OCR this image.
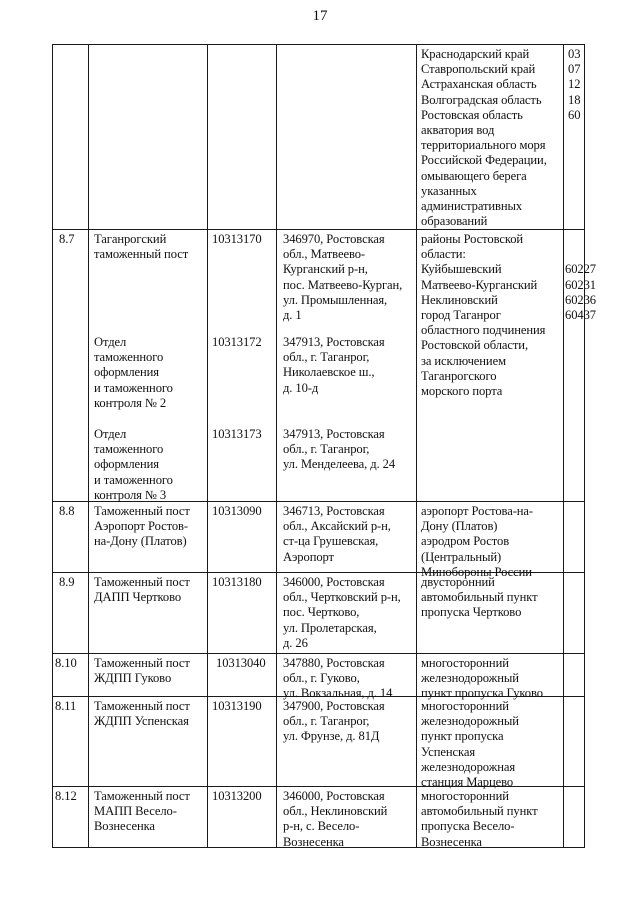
17
Краснодарский край
Ставропольский край
Астраханская область
Волгоградская область
Ростовская область
акватория вод
территориального моря
Российской Федерации,
омывающего берега
указанных
административных
образований
03
07
12
18
60
8.7 Таганрогский
таможенный пост
10313170 346970, Ростовская
обл., Матвеево-
Курганский р-н,
пос. Матвеево-Курган,
ул. Промышленная,
д. 1
районы Ростовской
области:
Куйбышевский
Матвеево-Курганский
Неклиновский
город Таганрог
областного подчинения
Ростовской области,
за исключением
Таганрогского
морского порта

60227
60231
60236
60437
Отдел
таможенного
оформления
и таможенного
контроля № 2
10313172 347913, Ростовская
обл., г. Таганрог,
Николаевское ш.,
д. 10-д
Отдел
таможенного
оформления
и таможенного
контроля № 3
10313173 347913, Ростовская
обл., г. Таганрог,
ул. Менделеева, д. 24
8.8 Таможенный пост
Аэропорт Ростов-
на-Дону (Платов)
10313090 346713, Ростовская
обл., Аксайский р-н,
ст-ца Грушевская,
Аэропорт
аэропорт Ростова-на-
Дону (Платов)
аэродром Ростов
(Центральный)
Минобороны России
8.9 Таможенный пост
ДАПП Чертково
10313180 346000, Ростовская
обл., Чертковский р-н,
пос. Чертково,
ул. Пролетарская,
д. 26
двусторонний
автомобильный пункт
пропуска Чертково
8.10 Таможенный пост
ЖДПП Гуково
10313040 347880, Ростовская
обл., г. Гуково,
ул. Вокзальная, д. 14
многосторонний
железнодорожный
пункт пропуска Гуково
8.11 Таможенный пост
ЖДПП Успенская
10313190 347900, Ростовская
обл., г. Таганрог,
ул. Фрунзе, д. 81Д
многосторонний
железнодорожный
пункт пропуска
Успенская
железнодорожная
станция Марцево
8.12 Таможенный пост
МАПП Весело-
Вознесенка
10313200 346000, Ростовская
обл., Неклиновский
р-н, с. Весело-
Вознесенка
многосторонний
автомобильный пункт
пропуска Весело-
Вознесенка
